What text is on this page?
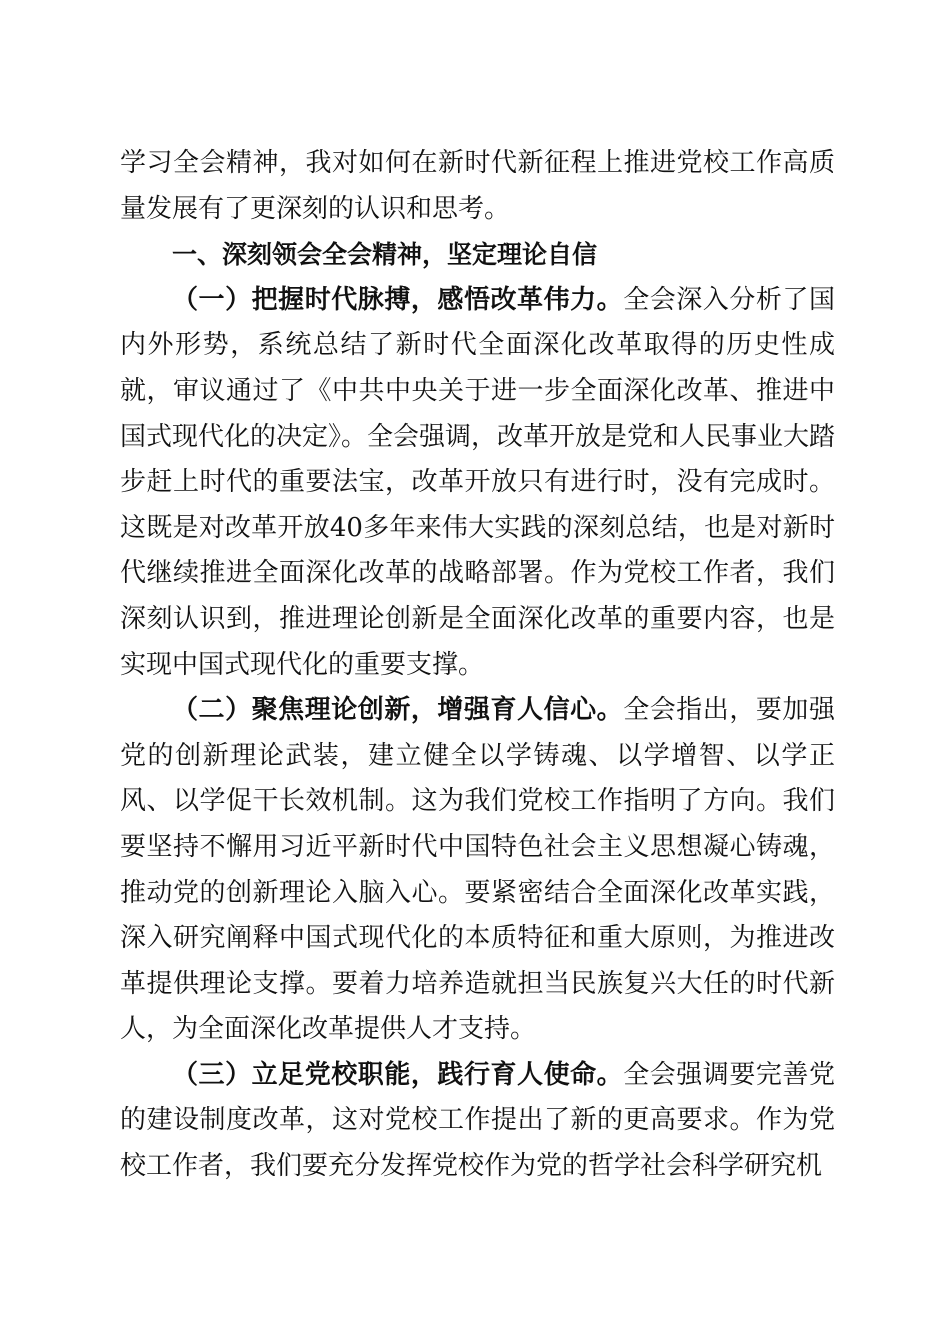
学习全会精神，我对如何在新时代新征程上推进党校工作高质量发展有了更深刻的认识和思考。

一、深刻领会全会精神，坚定理论自信

（一）把握时代脉搏，感悟改革伟力。全会深入分析了国内外形势，系统总结了新时代全面深化改革取得的历史性成就，审议通过了《中共中央关于进一步全面深化改革、推进中国式现代化的决定》。全会强调，改革开放是党和人民事业大踏步赶上时代的重要法宝，改革开放只有进行时，没有完成时。这既是对改革开放40多年来伟大实践的深刻总结，也是对新时代继续推进全面深化改革的战略部署。作为党校工作者，我们深刻认识到，推进理论创新是全面深化改革的重要内容，也是实现中国式现代化的重要支撑。

（二）聚焦理论创新，增强育人信心。全会指出，要加强党的创新理论武装，建立健全以学铸魂、以学增智、以学正风、以学促干长效机制。这为我们党校工作指明了方向。我们要坚持不懈用习近平新时代中国特色社会主义思想凝心铸魂，推动党的创新理论入脑入心。要紧密结合全面深化改革实践，深入研究阐释中国式现代化的本质特征和重大原则，为推进改革提供理论支撑。要着力培养造就担当民族复兴大任的时代新人，为全面深化改革提供人才支持。

（三）立足党校职能，践行育人使命。全会强调要完善党的建设制度改革，这对党校工作提出了新的更高要求。作为党校工作者，我们要充分发挥党校作为党的哲学社会科学研究机
